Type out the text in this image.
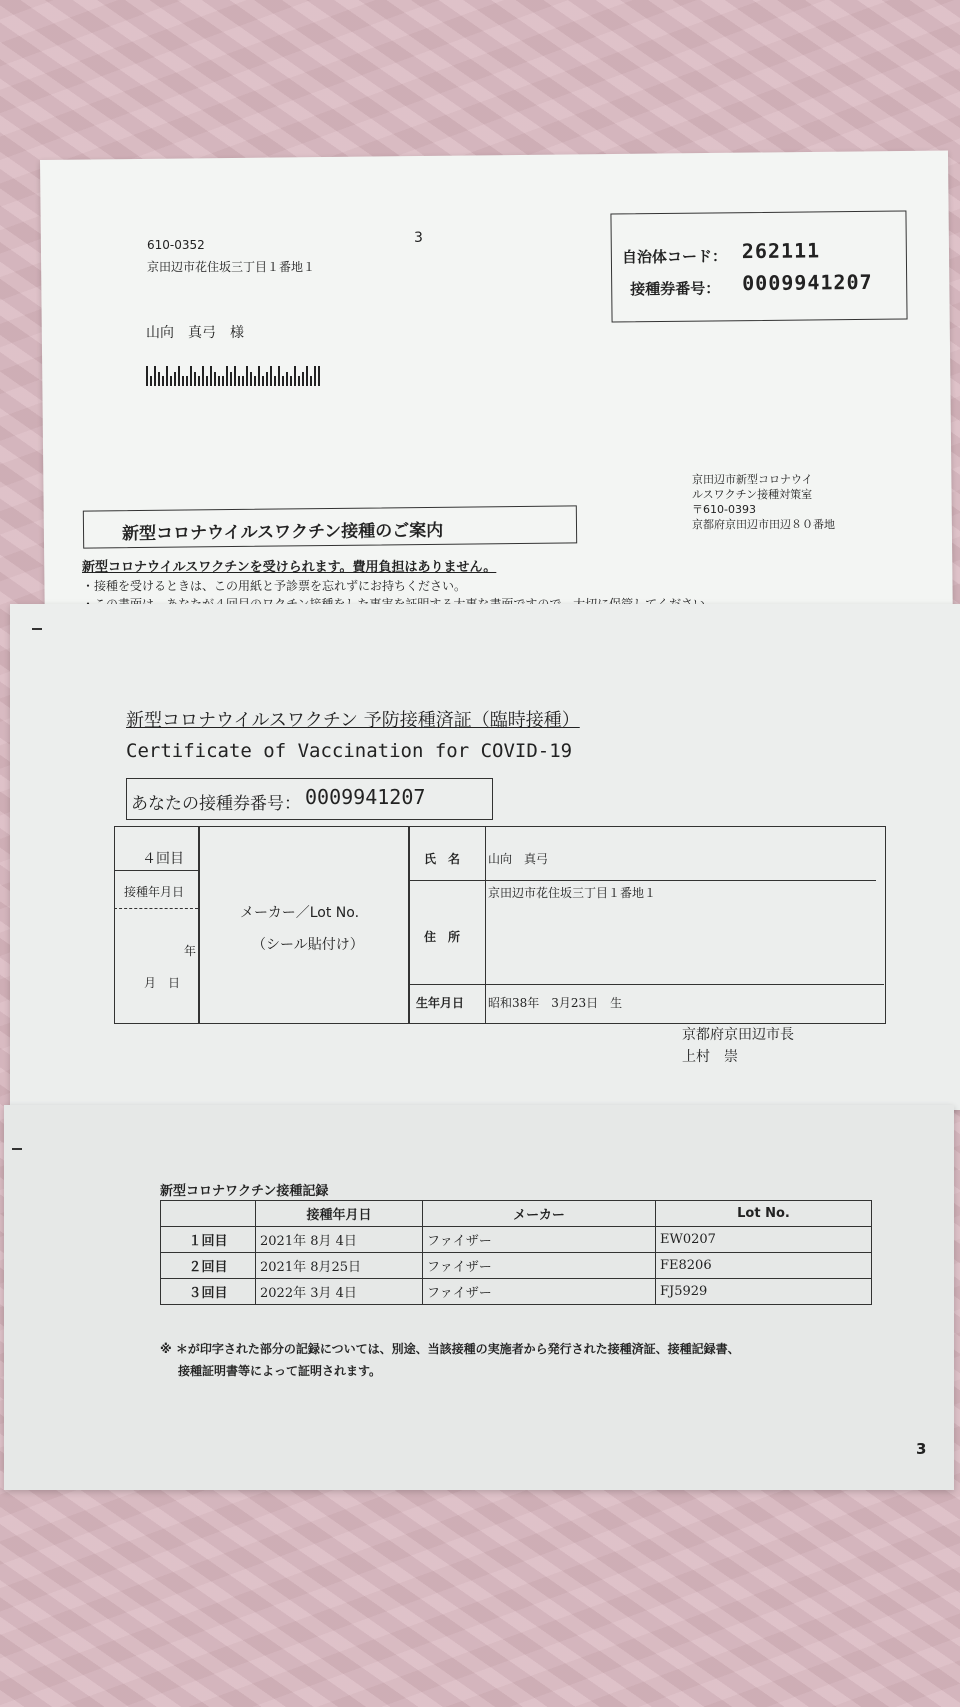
610-0352	3
京田辺市花住坂三丁目１番地１
山向　真弓　様
自治体コード： 262111
接種券番号： 0009941207
京田辺市新型コロナウイ
ルスワクチン接種対策室
〒610-0393
京都府京田辺市田辺８０番地
新型コロナウイルスワクチン接種のご案内
新型コロナウイルスワクチンを受けられます。費用負担はありません。
・接種を受けるときは、この用紙と予診票を忘れずにお持ちください。
新型コロナウイルスワクチン 予防接種済証（臨時接種）
Certificate of Vaccination for COVID-19
あなたの接種券番号： 0009941207
４回目
接種年月日
年
月　日
メーカー／Lot No.
（シール貼付け）
氏　名 山向　真弓
住　所
京田辺市花住坂三丁目１番地１
生年月日 昭和38年　3月23日　生
京都府京田辺市長
上村　崇
新型コロナワクチン接種記録
	接種年月日	メーカー	Lot No.
１回目	2021年 8月 4日	ファイザー	EW0207
２回目	2021年 8月25日	ファイザー	FE8206
３回目	2022年 3月 4日	ファイザー	FJ5929
※ ＊が印字された部分の記録については、別途、当該接種の実施者から発行された接種済証、接種記録書、
接種証明書等によって証明されます。
3
